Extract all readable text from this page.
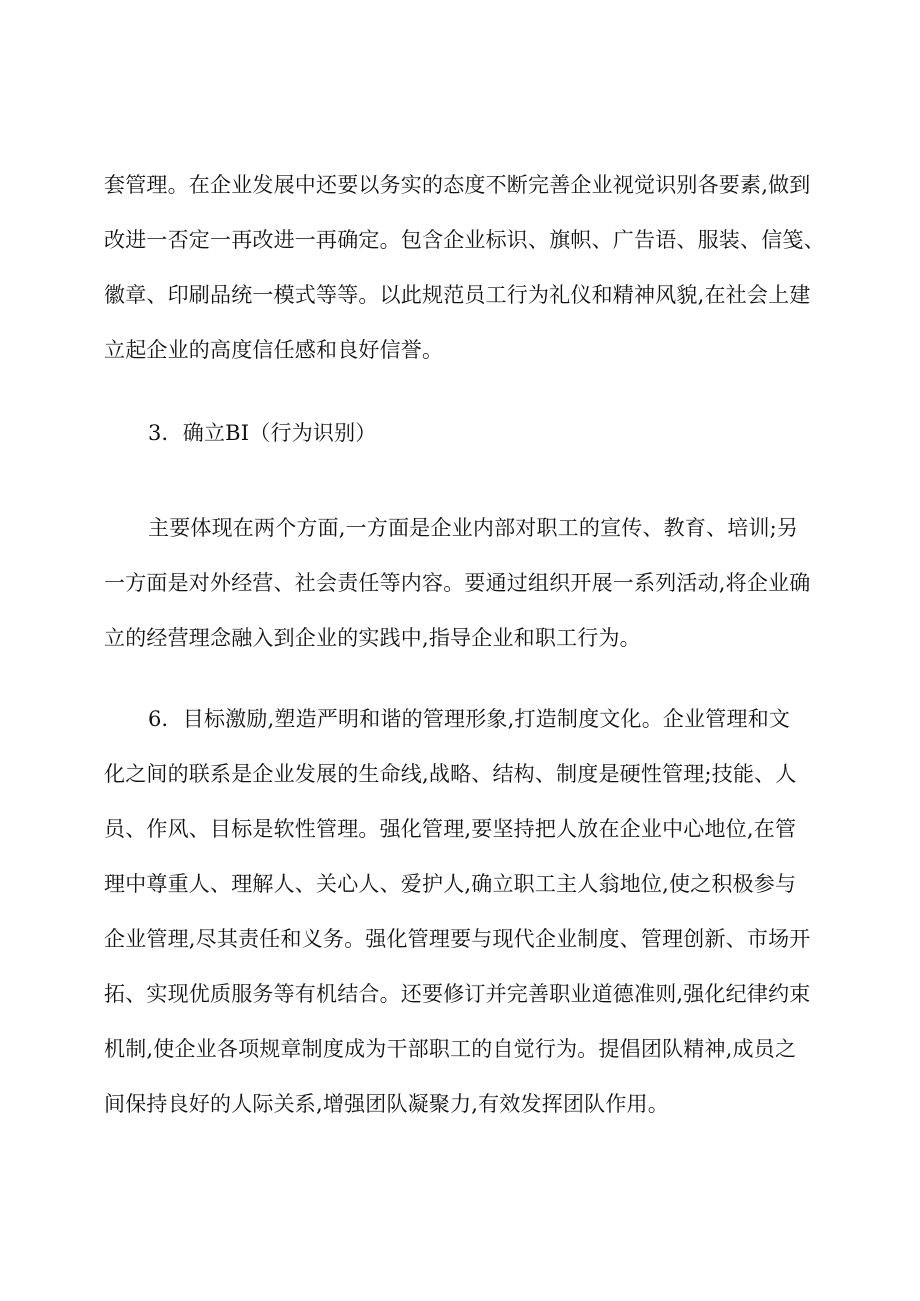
套管理。在企业发展中还要以务实的态度不断完善企业视觉识别各要素,做到
改进一否定一再改进一再确定。包含企业标识、旗帜、广告语、服装、信笺、
徽章、印刷品统一模式等等。以此规范员工行为礼仪和精神风貌,在社会上建
立起企业的高度信任感和良好信誉。
3．确立BI（行为识别）
主要体现在两个方面,一方面是企业内部对职工的宣传、教育、培训;另
一方面是对外经营、社会责任等内容。要通过组织开展一系列活动,将企业确
立的经营理念融入到企业的实践中,指导企业和职工行为。
6．目标激励,塑造严明和谐的管理形象,打造制度文化。企业管理和文
化之间的联系是企业发展的生命线,战略、结构、制度是硬性管理;技能、人
员、作风、目标是软性管理。强化管理,要坚持把人放在企业中心地位,在管
理中尊重人、理解人、关心人、爱护人,确立职工主人翁地位,使之积极参与
企业管理,尽其责任和义务。强化管理要与现代企业制度、管理创新、市场开
拓、实现优质服务等有机结合。还要修订并完善职业道德准则,强化纪律约束
机制,使企业各项规章制度成为干部职工的自觉行为。提倡团队精神,成员之
间保持良好的人际关系,增强团队凝聚力,有效发挥团队作用。
